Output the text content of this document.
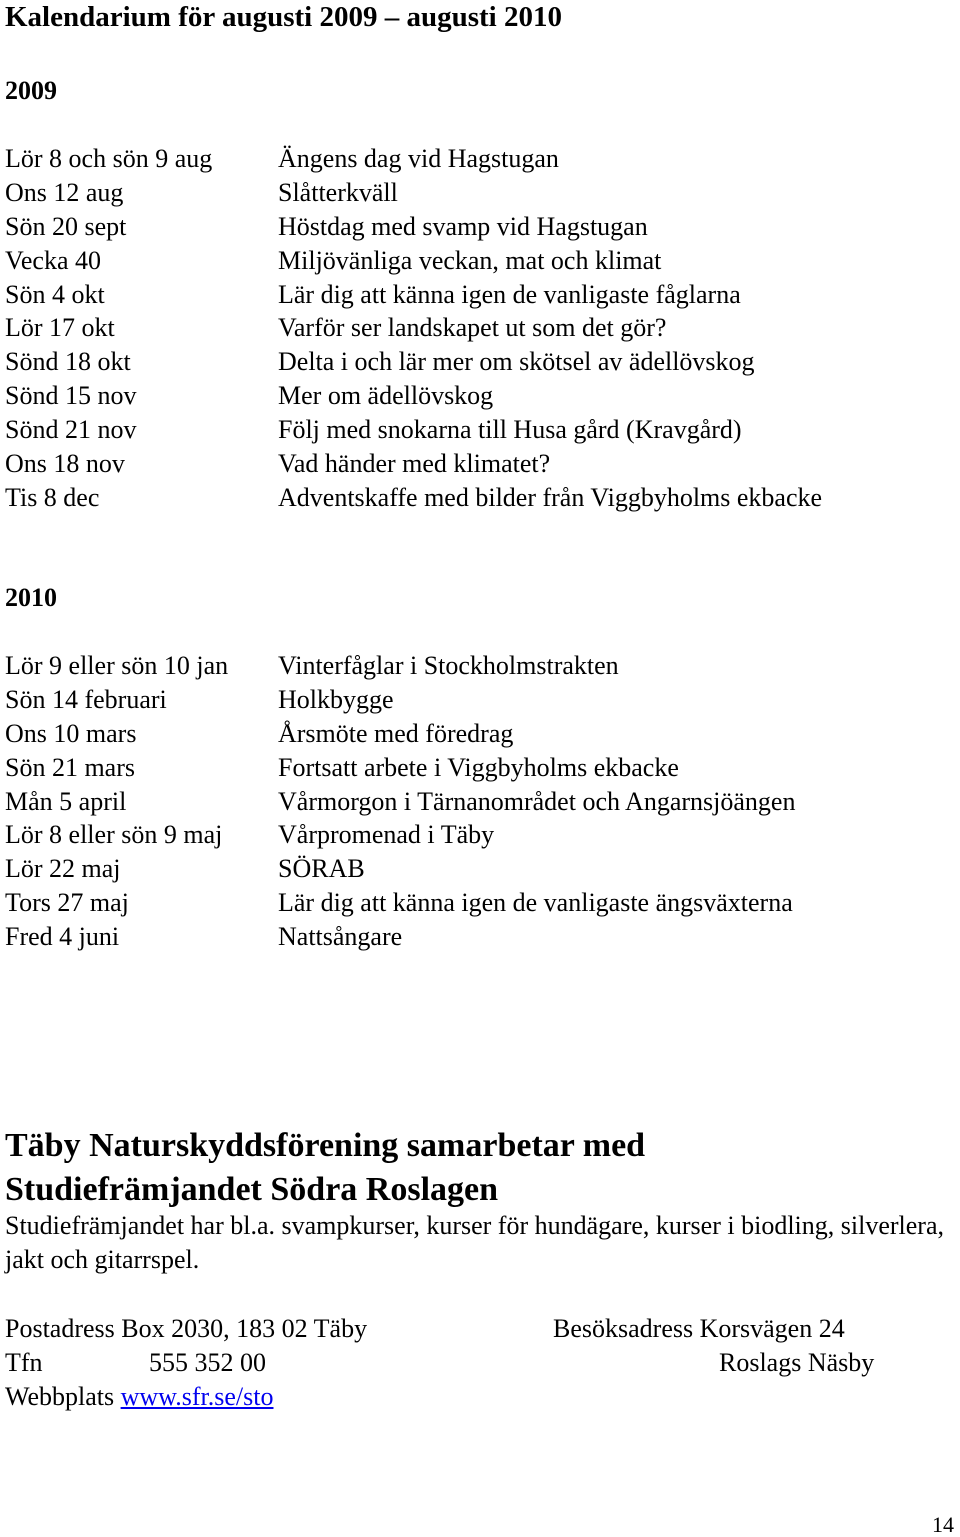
Kalendarium för augusti 2009 – augusti 2010
2009
Lör 8 och sön 9 aug	Ängens dag vid Hagstugan
Ons 12 aug	Slåtterkväll
Sön 20 sept	Höstdag med svamp vid Hagstugan
Vecka 40	Miljövänliga veckan, mat och klimat
Sön 4 okt	Lär dig att känna igen de vanligaste fåglarna
Lör 17 okt	Varför ser landskapet ut som det gör?
Sönd 18 okt	Delta i och lär mer om skötsel av ädellövskog
Sönd 15 nov	Mer om ädellövskog
Sönd 21 nov	Följ med snokarna till Husa gård (Kravgård)
Ons 18 nov	Vad händer med klimatet?
Tis 8 dec	Adventskaffe med bilder från Viggbyholms ekbacke
2010
Lör 9 eller sön 10 jan Vinterfåglar i Stockholmstrakten
Sön 14 februari	Holkbygge
Ons 10 mars	Årsmöte med föredrag
Sön 21 mars	Fortsatt arbete i Viggbyholms ekbacke
Mån 5 april	Vårmorgon i Tärnanområdet och Angarnsjöängen
Lör 8 eller sön 9 maj Vårpromenad i Täby
Lör 22 maj	SÖRAB
Tors 27 maj	Lär dig att känna igen de vanligaste ängsväxterna
Fred 4 juni	Nattsångare
Täby Naturskyddsförening samarbetar med
Studiefrämjandet Södra Roslagen
Studiefrämjandet har bl.a. svampkurser, kurser för hundägare, kurser i biodling, silverlera, jakt och gitarrspel.
Postadress Box 2030, 183 02 Täby	Besöksadress Korsvägen 24
Tfn	555 352 00	Roslags Näsby
Webbplats www.sfr.se/sto
14
